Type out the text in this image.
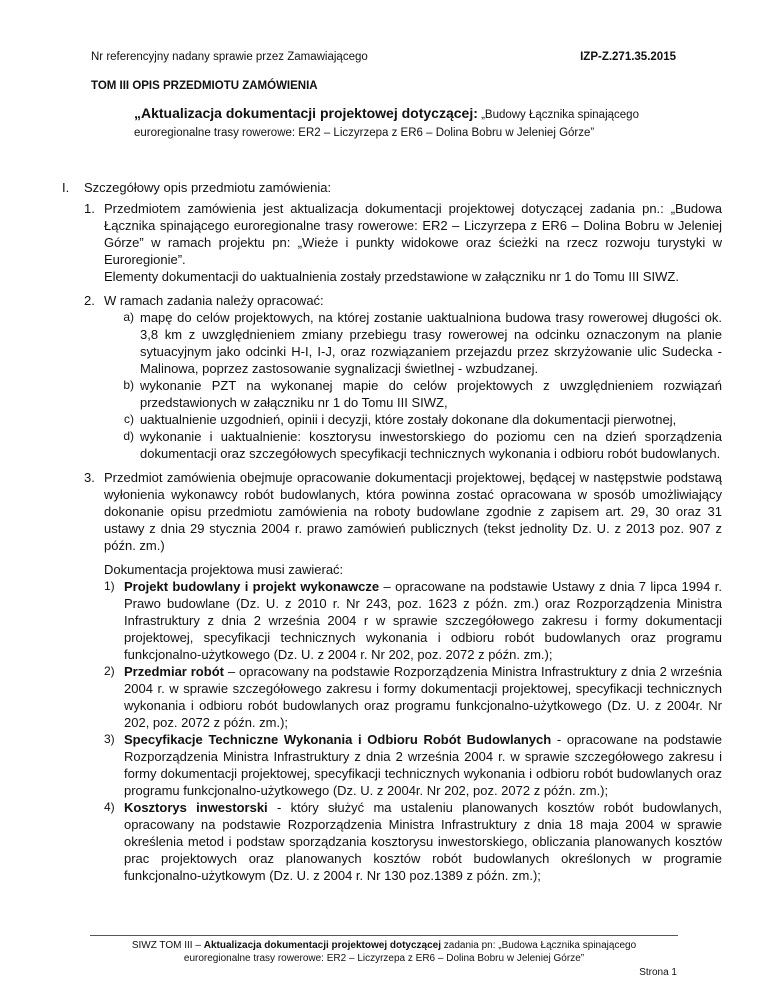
Nr referencyjny nadany sprawie przez Zamawiającego	IZP-Z.271.35.2015
TOM III OPIS PRZEDMIOTU ZAMÓWIENIA
„Aktualizacja dokumentacji projektowej dotyczącej: „Budowy Łącznika spinającego
euroregionalne trasy rowerowe: ER2 – Liczyrzepa z ER6 – Dolina Bobru w Jeleniej Górze”
I. Szczegółowy opis przedmiotu zamówienia:
1. Przedmiotem zamówienia jest aktualizacja dokumentacji projektowej dotyczącej zadania pn.: „Budowa Łącznika spinającego euroregionalne trasy rowerowe: ER2 – Liczyrzepa z ER6 – Dolina Bobru w Jeleniej Górze” w ramach projektu pn: „Wieże i punkty widokowe oraz ścieżki na rzecz rozwoju turystyki w Euroregionie”.
Elementy dokumentacji do uaktualnienia zostały przedstawione w załączniku nr 1 do Tomu III SIWZ.
2. W ramach zadania należy opracować:
a) mapę do celów projektowych, na której zostanie uaktualniona budowa trasy rowerowej długości ok. 3,8 km z uwzględnieniem zmiany przebiegu trasy rowerowej na odcinku oznaczonym na planie sytuacyjnym jako odcinki H-I, I-J, oraz rozwiązaniem przejazdu przez skrzyżowanie ulic Sudecka - Malinowa, poprzez zastosowanie sygnalizacji świetlnej - wzbudzanej.
b) wykonanie PZT na wykonanej mapie do celów projektowych z uwzględnieniem rozwiązań przedstawionych w załączniku nr 1 do Tomu III SIWZ,
c) uaktualnienie uzgodnień, opinii i decyzji, które zostały dokonane dla dokumentacji pierwotnej,
d) wykonanie i uaktualnienie: kosztorysu inwestorskiego do poziomu cen na dzień sporządzenia dokumentacji oraz szczegółowych specyfikacji technicznych wykonania i odbioru robót budowlanych.
3. Przedmiot zamówienia obejmuje opracowanie dokumentacji projektowej, będącej w następstwie podstawą wyłonienia wykonawcy robót budowlanych, która powinna zostać opracowana w sposób umożliwiający dokonanie opisu przedmiotu zamówienia na roboty budowlane zgodnie z zapisem art. 29, 30 oraz 31 ustawy z dnia 29 stycznia 2004 r. prawo zamówień publicznych (tekst jednolity Dz. U. z 2013 poz. 907 z późn. zm.)
Dokumentacja projektowa musi zawierać:
1) Projekt budowlany i projekt wykonawcze – opracowane na podstawie Ustawy z dnia 7 lipca 1994 r. Prawo budowlane (Dz. U. z 2010 r. Nr 243, poz. 1623 z późn. zm.) oraz Rozporządzenia Ministra Infrastruktury z dnia 2 września 2004 r w sprawie szczegółowego zakresu i formy dokumentacji projektowej, specyfikacji technicznych wykonania i odbioru robót budowlanych oraz programu funkcjonalno-użytkowego (Dz. U. z 2004 r. Nr 202, poz. 2072 z późn. zm.);
2) Przedmiar robót – opracowany na podstawie Rozporządzenia Ministra Infrastruktury z dnia 2 września 2004 r. w sprawie szczegółowego zakresu i formy dokumentacji projektowej, specyfikacji technicznych wykonania i odbioru robót budowlanych oraz programu funkcjonalno-użytkowego (Dz. U. z 2004r. Nr 202, poz. 2072 z późn. zm.);
3) Specyfikacje Techniczne Wykonania i Odbioru Robót Budowlanych - opracowane na podstawie Rozporządzenia Ministra Infrastruktury z dnia 2 września 2004 r. w sprawie szczegółowego zakresu i formy dokumentacji projektowej, specyfikacji technicznych wykonania i odbioru robót budowlanych oraz programu funkcjonalno-użytkowego (Dz. U. z 2004r. Nr 202, poz. 2072 z późn. zm.);
4) Kosztorys inwestorski - który służyć ma ustaleniu planowanych kosztów robót budowlanych, opracowany na podstawie Rozporządzenia Ministra Infrastruktury z dnia 18 maja 2004 w sprawie określenia metod i podstaw sporządzania kosztorysu inwestorskiego, obliczania planowanych kosztów prac projektowych oraz planowanych kosztów robót budowlanych określonych w programie funkcjonalno-użytkowym (Dz. U. z 2004 r. Nr 130 poz.1389 z późn. zm.);
SIWZ TOM III – Aktualizacja dokumentacji projektowej dotyczącej zadania pn: „Budowa Łącznika spinającego
euroregionalne trasy rowerowe: ER2 – Liczyrzepa z ER6 – Dolina Bobru w Jeleniej Górze”
Strona 1
